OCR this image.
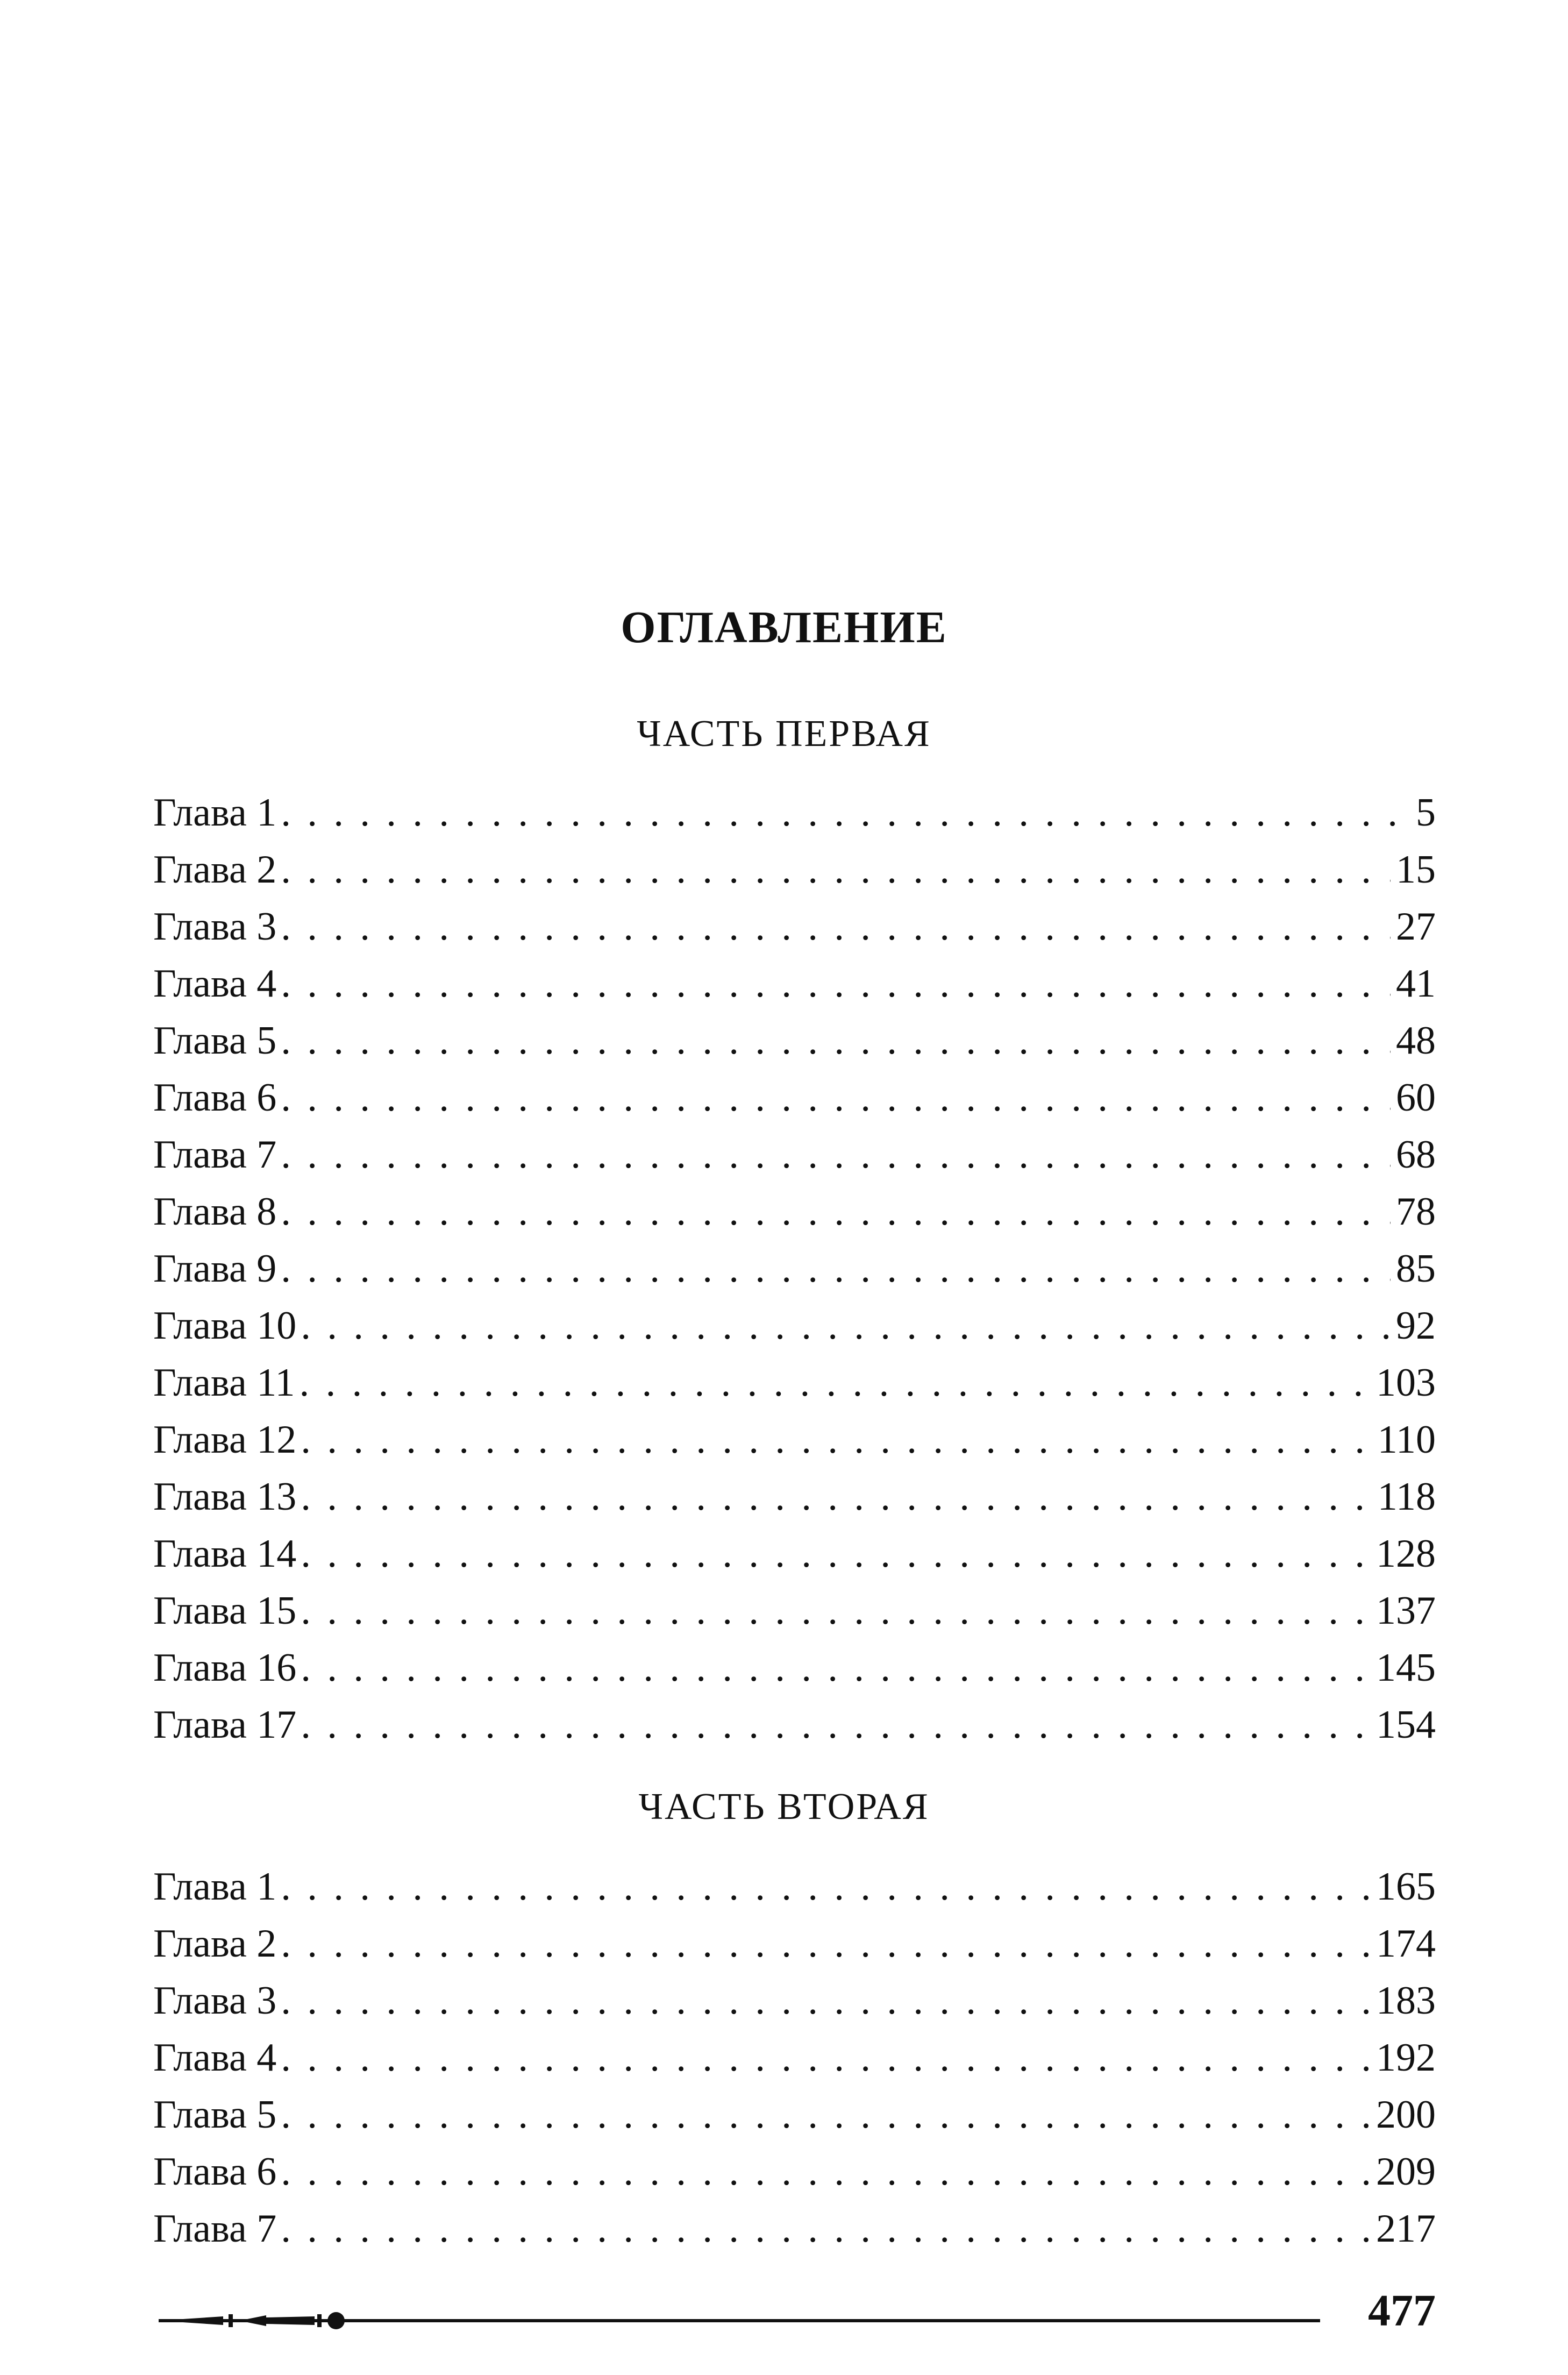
ОГЛАВЛЕНИЕ
ЧАСТЬ ПЕРВАЯ
Глава 1 . . .	5
Глава 2 . . .	15
Глава 3 . . .	27
Глава 4 . . .	41
Глава 5 . . .	48
Глава 6 . . .	60
Глава 7 . . .	68
Глава 8 . . .	78
Глава 9 . . .	85
Глава 10 . . .	92
Глава 11 . . .	103
Глава 12 . . .	110
Глава 13 . . .	118
Глава 14 . . .	128
Глава 15 . . .	137
Глава 16 . . .	145
Глава 17 . . .	154
ЧАСТЬ ВТОРАЯ
Глава 1 . . .	165
Глава 2 . . .	174
Глава 3 . . .	183
Глава 4 . . .	192
Глава 5 . . .	200
Глава 6 . . .	209
Глава 7 . . .	217
477
